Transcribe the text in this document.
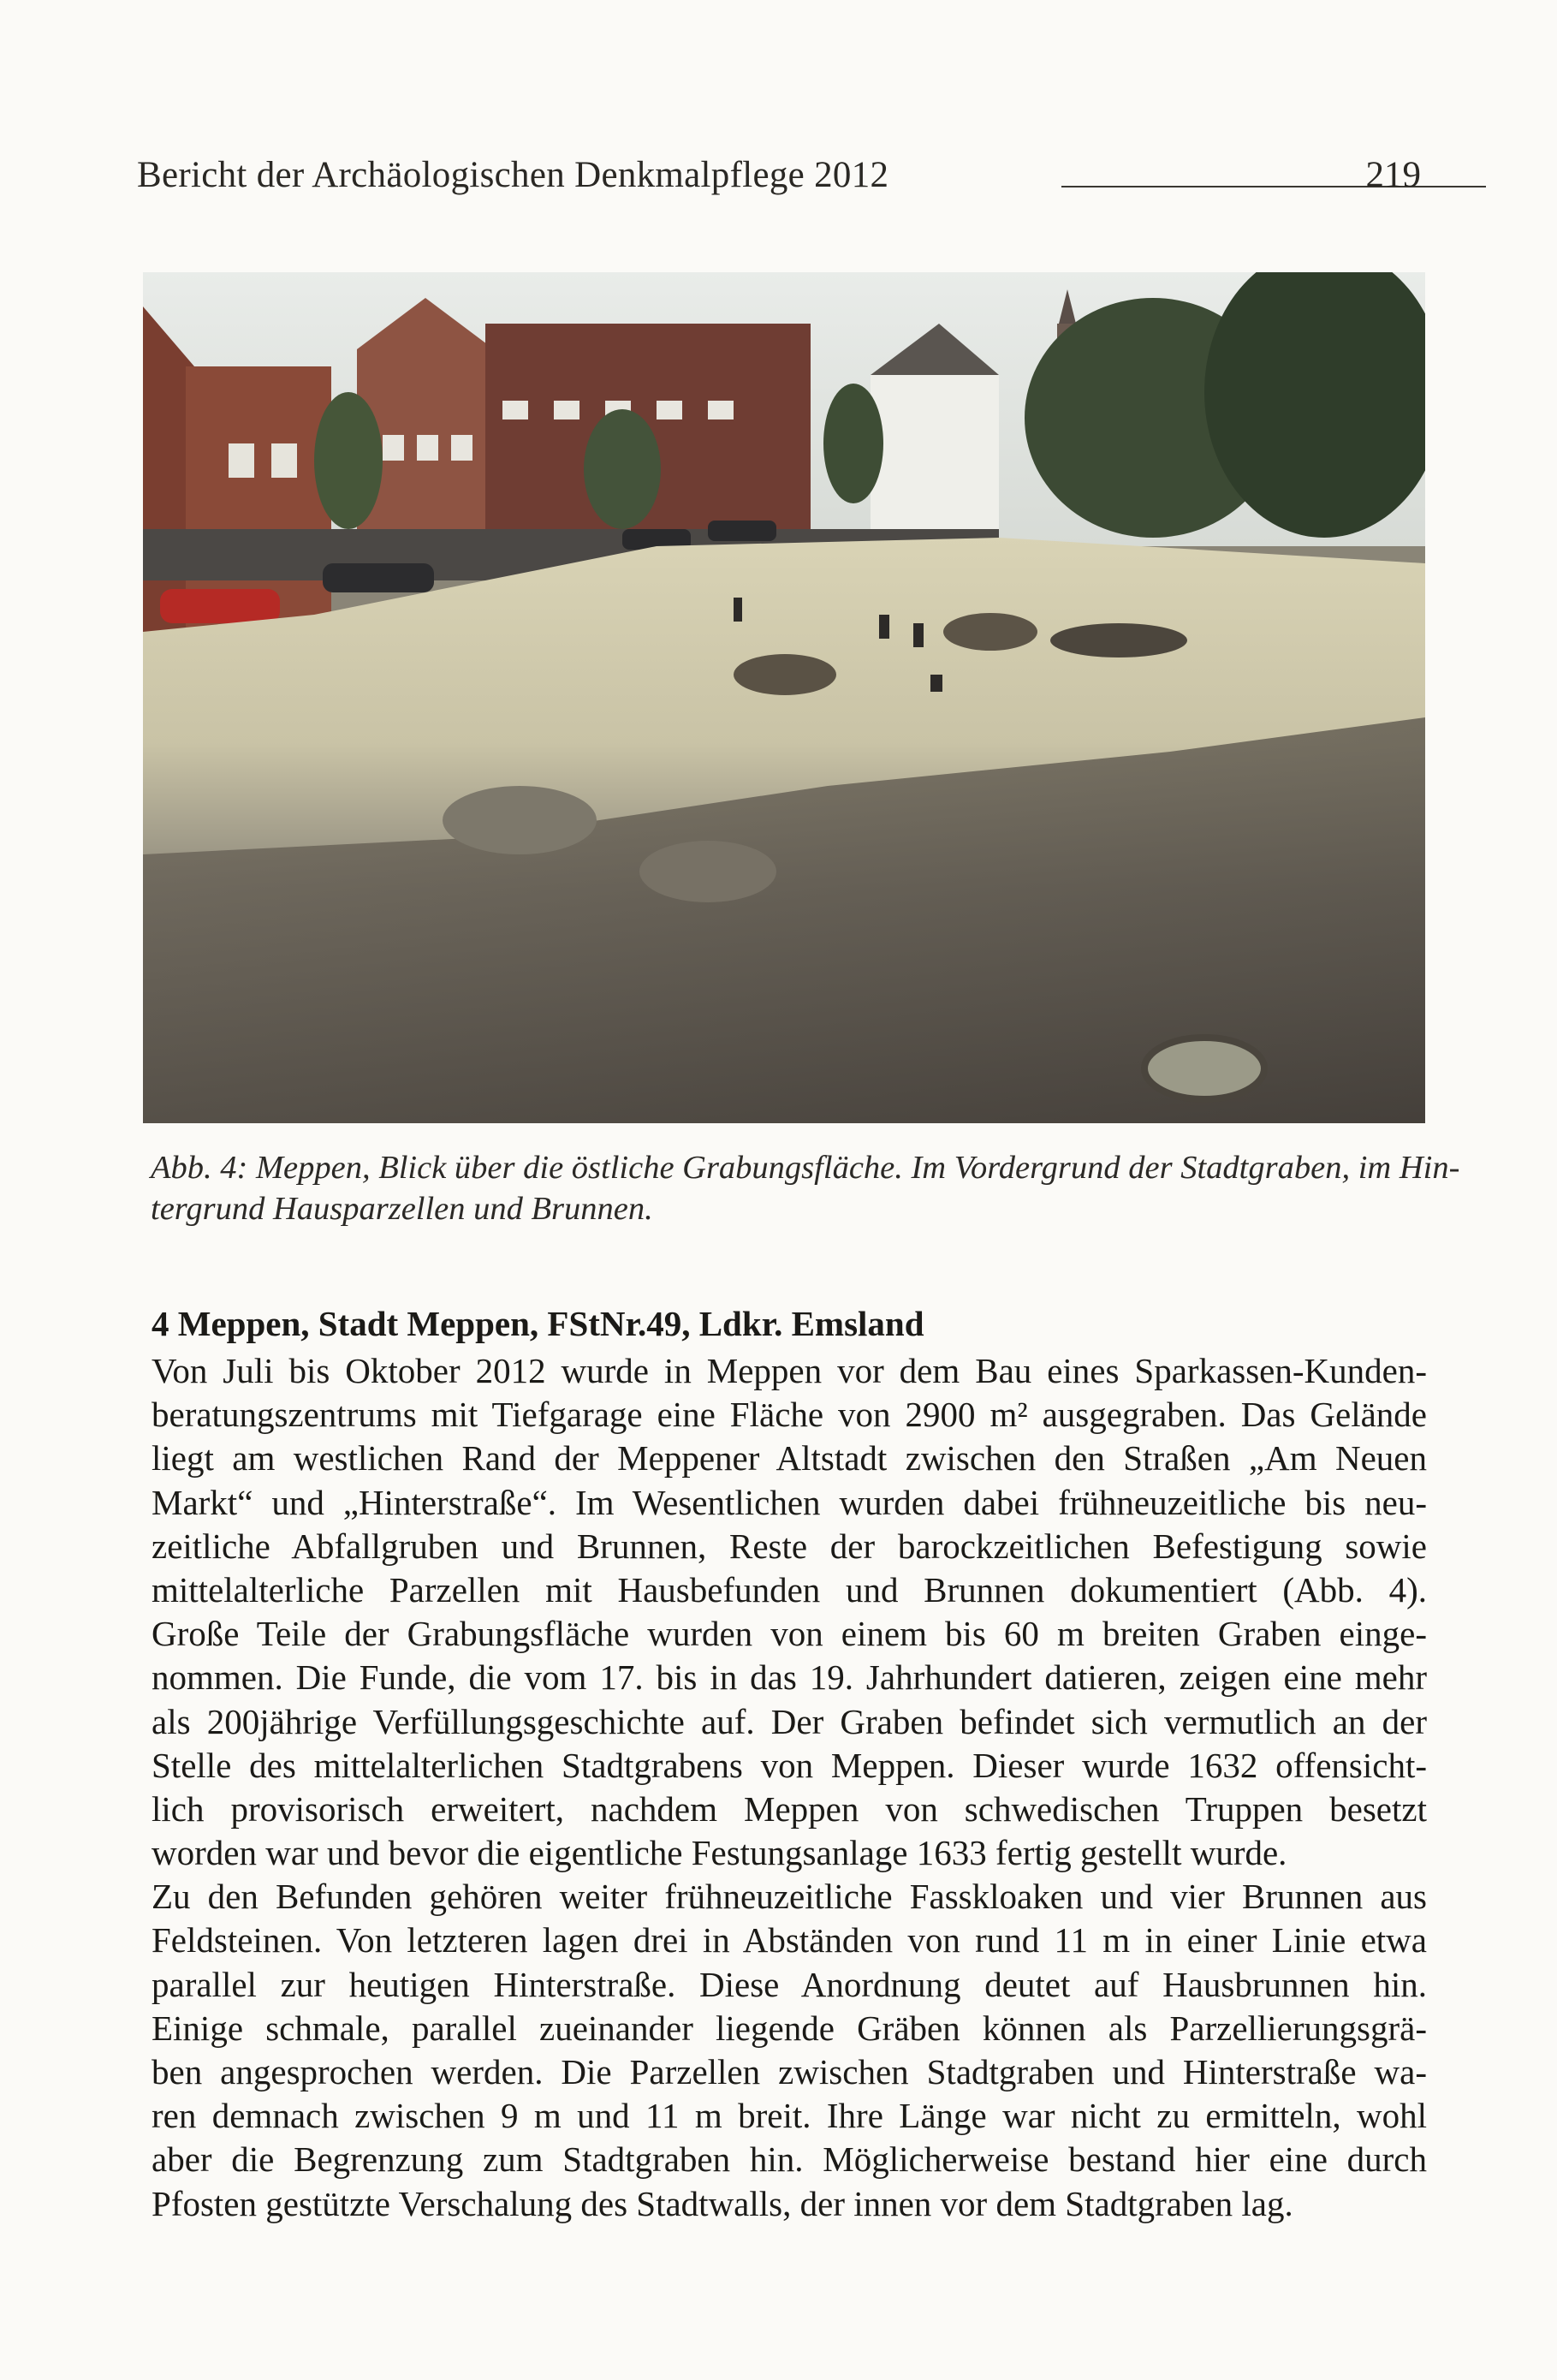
Bericht der Archäologischen Denkmalpflege 2012	219
Abb. 4: Meppen, Blick über die östliche Grabungsfläche. Im Vordergrund der Stadtgraben, im Hin-
tergrund Hausparzellen und Brunnen.
4 Meppen, Stadt Meppen, FStNr.49, Ldkr. Emsland

Von Juli bis Oktober 2012 wurde in Meppen vor dem Bau eines Sparkassen-Kunden-
beratungszentrums mit Tiefgarage eine Fläche von 2900 m² ausgegraben. Das Gelände
liegt am westlichen Rand der Meppener Altstadt zwischen den Straßen „Am Neuen
Markt“ und „Hinterstraße“. Im Wesentlichen wurden dabei frühneuzeitliche bis neu-
zeitliche Abfallgruben und Brunnen, Reste der barockzeitlichen Befestigung sowie
mittelalterliche Parzellen mit Hausbefunden und Brunnen dokumentiert (Abb. 4).
Große Teile der Grabungsfläche wurden von einem bis 60 m breiten Graben einge-
nommen. Die Funde, die vom 17. bis in das 19. Jahrhundert datieren, zeigen eine mehr
als 200jährige Verfüllungsgeschichte auf. Der Graben befindet sich vermutlich an der
Stelle des mittelalterlichen Stadtgrabens von Meppen. Dieser wurde 1632 offensicht-
lich provisorisch erweitert, nachdem Meppen von schwedischen Truppen besetzt
worden war und bevor die eigentliche Festungsanlage 1633 fertig gestellt wurde.

Zu den Befunden gehören weiter frühneuzeitliche Fasskloaken und vier Brunnen aus
Feldsteinen. Von letzteren lagen drei in Abständen von rund 11 m in einer Linie etwa
parallel zur heutigen Hinterstraße. Diese Anordnung deutet auf Hausbrunnen hin.
Einige schmale, parallel zueinander liegende Gräben können als Parzellierungsgrä-
ben angesprochen werden. Die Parzellen zwischen Stadtgraben und Hinterstraße wa-
ren demnach zwischen 9 m und 11 m breit. Ihre Länge war nicht zu ermitteln, wohl
aber die Begrenzung zum Stadtgraben hin. Möglicherweise bestand hier eine durch
Pfosten gestützte Verschalung des Stadtwalls, der innen vor dem Stadtgraben lag.
